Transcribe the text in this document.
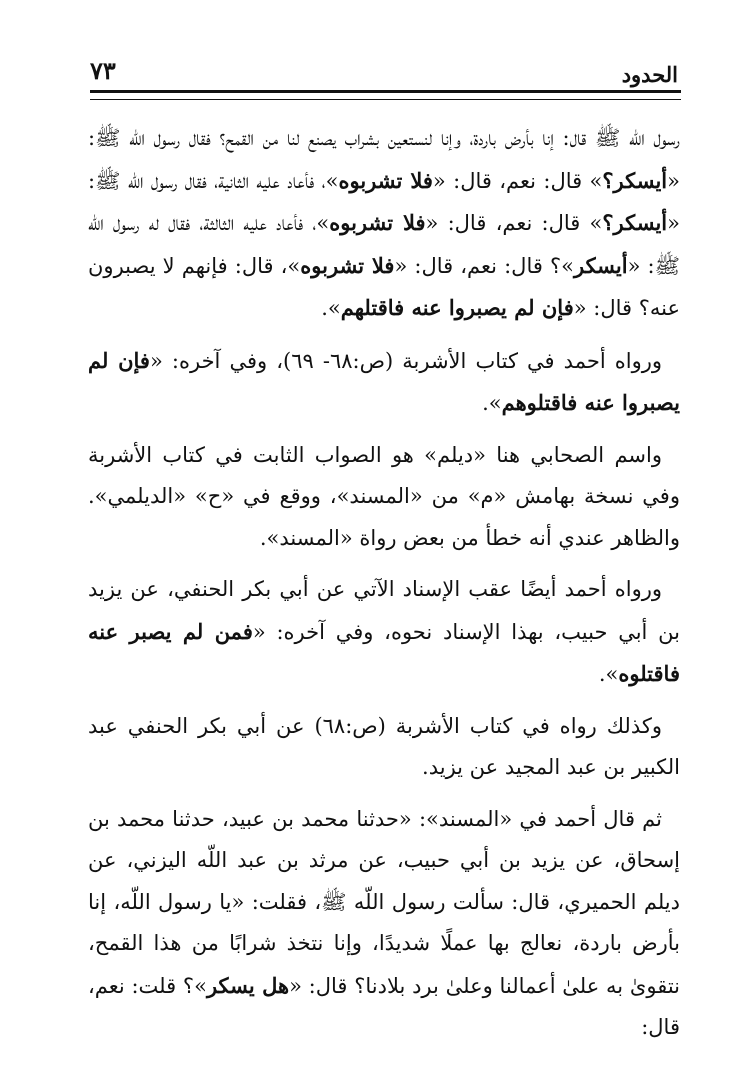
الحدود
٧٣

رسول اللّه ﷺ قال: إنا بأرض باردة، وإنا لنستعين بشراب يصنع لنا من القمح؟ فقال رسول اللّه ﷺ: «أيسكر؟» قال: نعم، قال: «فلا تشربوه»، فأعاد عليه الثانية، فقال رسول اللّه ﷺ: «أيسكر؟» قال: نعم، قال: «فلا تشربوه»، فأعاد عليه الثالثة، فقال له رسول اللّه ﷺ: «أيسكر»؟ قال: نعم، قال: «فلا تشربوه»، قال: فإنهم لا يصبرون عنه؟ قال: «فإن لم يصبروا عنه فاقتلهم».

ورواه أحمد في كتاب الأشربة (ص:٦٨- ٦٩)، وفي آخره: «فإن لم يصبروا عنه فاقتلوهم».

واسم الصحابي هنا «ديلم» هو الصواب الثابت في كتاب الأشربة وفي نسخة بهامش «م» من «المسند»، ووقع في «ح» «الديلمي». والظاهر عندي أنه خطأ من بعض رواة «المسند».

ورواه أحمد أيضًا عقب الإسناد الآتي عن أبي بكر الحنفي، عن يزيد بن أبي حبيب، بهذا الإسناد نحوه، وفي آخره: «فمن لم يصبر عنه فاقتلوه».

وكذلك رواه في كتاب الأشربة (ص:٦٨) عن أبي بكر الحنفي عبد الكبير بن عبد المجيد عن يزيد.

ثم قال أحمد في «المسند»: «حدثنا محمد بن عبيد، حدثنا محمد بن إسحاق، عن يزيد بن أبي حبيب، عن مرثد بن عبد اللّه اليزني، عن ديلم الحميري، قال: سألت رسول اللّه ﷺ، فقلت: «يا رسول اللّه، إنا بأرض باردة، نعالج بها عملًا شديدًا، وإنا نتخذ شرابًا من هذا القمح، نتقوىٰ به علىٰ أعمالنا وعلىٰ برد بلادنا؟ قال: «هل يسكر»؟ قلت: نعم، قال:
